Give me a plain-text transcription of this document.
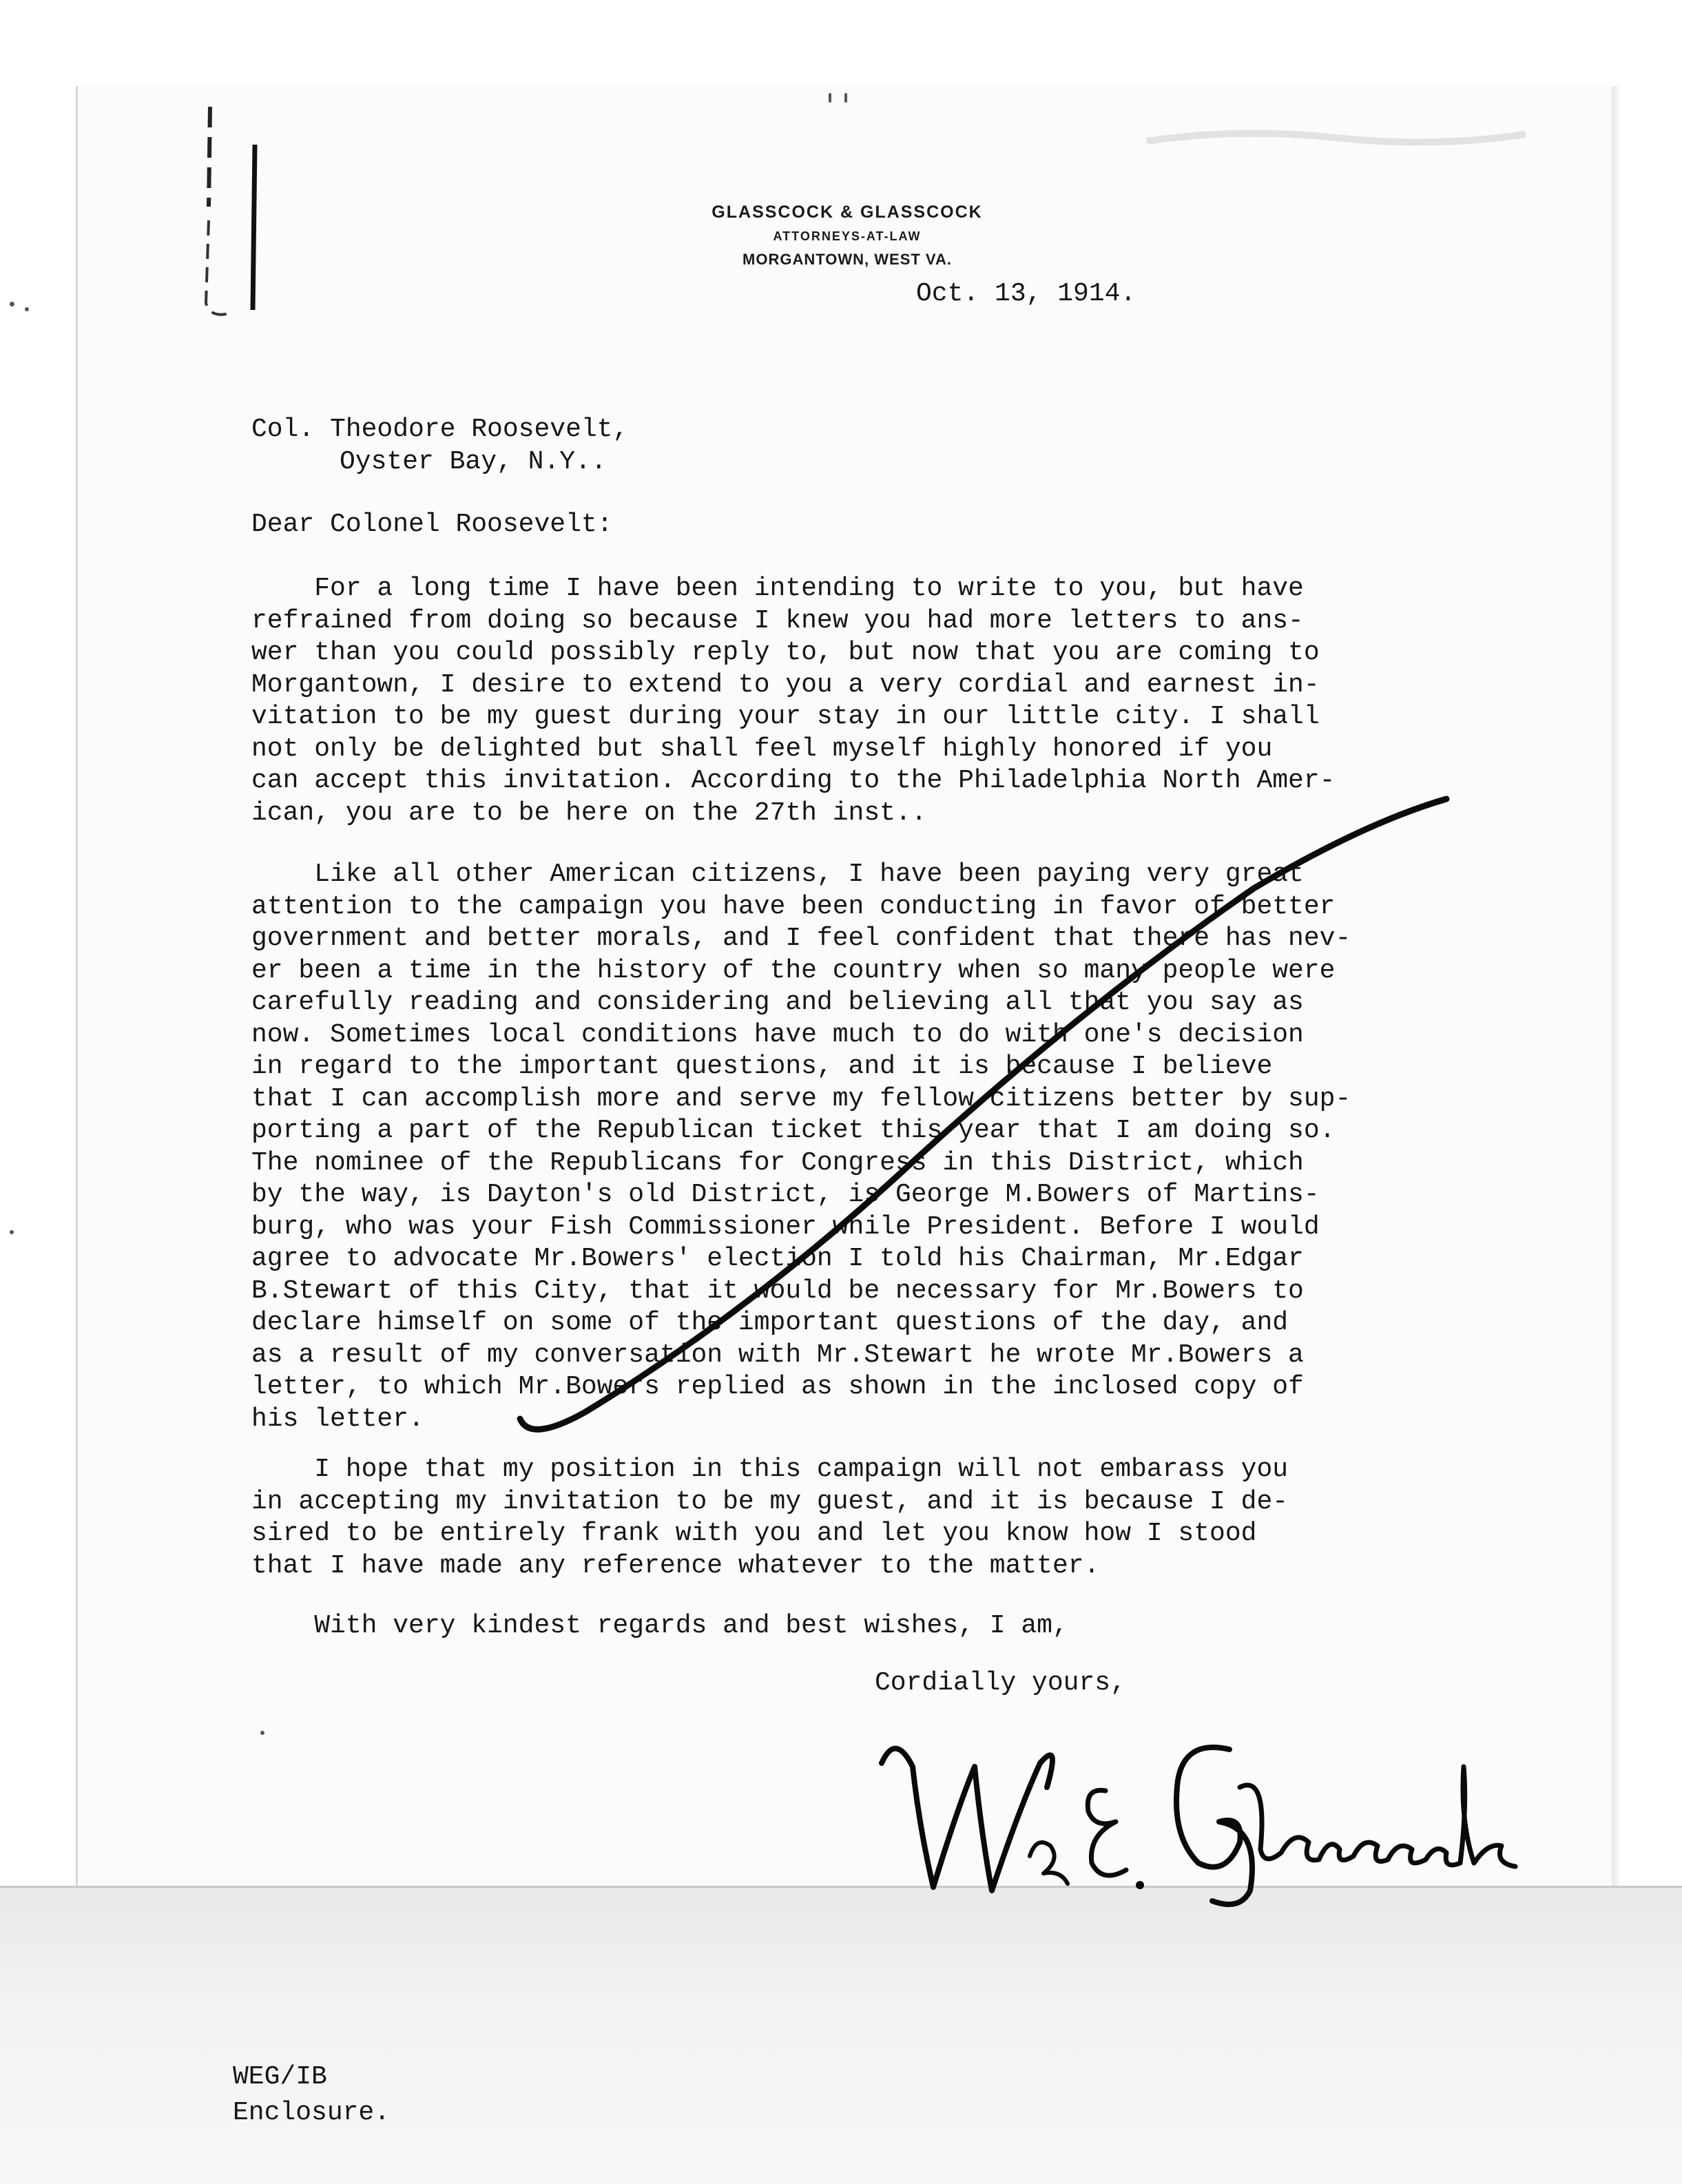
GLASSCOCK & GLASSCOCK
ATTORNEYS-AT-LAW
MORGANTOWN, WEST VA.
Oct. 13, 1914.
Col. Theodore Roosevelt,
Oyster Bay, N.Y..
Dear Colonel Roosevelt:
For a long time I have been intending to write to you, but have
refrained from doing so because I knew you had more letters to ans-
wer than you could possibly reply to, but now that you are coming to
Morgantown, I desire to extend to you a very cordial and earnest in-
vitation to be my guest during your stay in our little city. I shall
not only be delighted but shall feel myself highly honored if you
can accept this invitation. According to the Philadelphia North Amer-
ican, you are to be here on the 27th inst..
Like all other American citizens, I have been paying very great
attention to the campaign you have been conducting in favor of better
government and better morals, and I feel confident that there has nev-
er been a time in the history of the country when so many people were
carefully reading and considering and believing all that you say as
now. Sometimes local conditions have much to do with one's decision
in regard to the important questions, and it is because I believe
that I can accomplish more and serve my fellow citizens better by sup-
porting a part of the Republican ticket this year that I am doing so.
The nominee of the Republicans for Congress in this District, which
by the way, is Dayton's old District, is George M.Bowers of Martins-
burg, who was your Fish Commissioner while President. Before I would
agree to advocate Mr.Bowers' election I told his Chairman, Mr.Edgar
B.Stewart of this City, that it would be necessary for Mr.Bowers to
declare himself on some of the important questions of the day, and
as a result of my conversation with Mr.Stewart he wrote Mr.Bowers a
letter, to which Mr.Bowers replied as shown in the inclosed copy of
his letter.
I hope that my position in this campaign will not embarass you
in accepting my invitation to be my guest, and it is because I de-
sired to be entirely frank with you and let you know how I stood
that I have made any reference whatever to the matter.
With very kindest regards and best wishes, I am,
Cordially yours,
WEG/IB
Enclosure.
